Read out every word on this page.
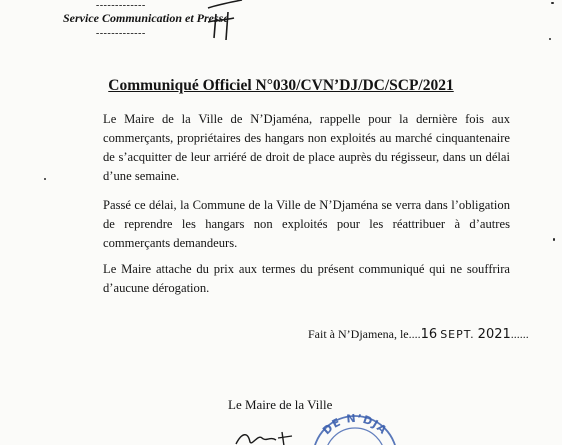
-------------
Service Communication et Presse
-------------
Communiqué Officiel N°030/CVN’DJ/DC/SCP/2021
Le Maire de la Ville de N’Djaména, rappelle pour la dernière fois aux commerçants, propriétaires des hangars non exploités au marché cinquantenaire de s’acquitter de leur arriéré de droit de place auprès du régisseur, dans un délai d’une semaine.
Passé ce délai, la Commune de la Ville de N’Djaména se verra dans l’obligation de reprendre les hangars non exploités pour les réattribuer à d’autres commerçants demandeurs.
Le Maire attache du prix aux termes du présent communiqué qui ne souffrira d’aucune dérogation.
Fait à N’Djamena, le....16 SEPT. 2021......
Le Maire de la Ville
DE N’DJA
